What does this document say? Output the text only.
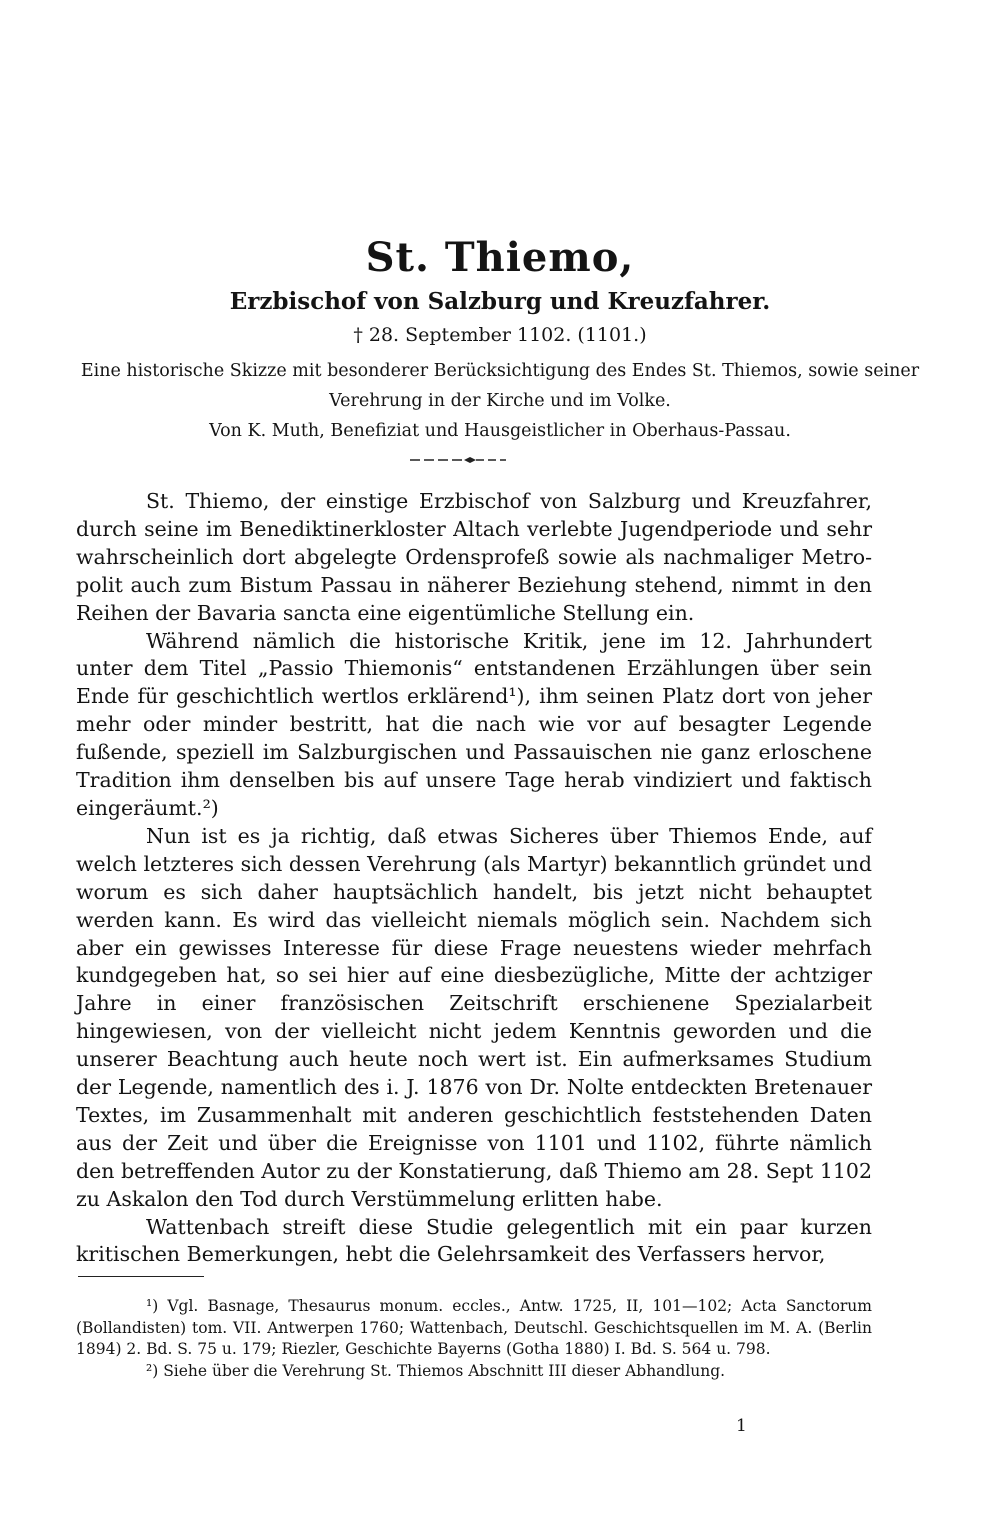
St. Thiemo,
Erzbischof von Salzburg und Kreuzfahrer.
† 28. September 1102. (1101.)
Eine historische Skizze mit besonderer Berücksichtigung des Endes St. Thiemos, sowie seiner Verehrung in der Kirche und im Volke.
Von K. Muth, Benefiziat und Hausgeistlicher in Oberhaus-Passau.

St. Thiemo, der einstige Erzbischof von Salzburg und Kreuzfahrer, durch seine im Benediktinerkloster Altach verlebte Jugendperiode und sehr wahrscheinlich dort abgelegte Ordensprofeß sowie als nachmaliger Metropolit auch zum Bistum Passau in näherer Beziehung stehend, nimmt in den Reihen der Bavaria sancta eine eigentümliche Stellung ein.

Während nämlich die historische Kritik, jene im 12. Jahrhundert unter dem Titel „Passio Thiemonis“ entstandenen Erzählungen über sein Ende für geschichtlich wertlos erklärend¹), ihm seinen Platz dort von jeher mehr oder minder bestritt, hat die nach wie vor auf besagter Legende fußende, speziell im Salzburgischen und Passauischen nie ganz erloschene Tradition ihm denselben bis auf unsere Tage herab vindiziert und faktisch eingeräumt.²)

Nun ist es ja richtig, daß etwas Sicheres über Thiemos Ende, auf welch letzteres sich dessen Verehrung (als Martyr) bekanntlich gründet und worum es sich daher hauptsächlich handelt, bis jetzt nicht behauptet werden kann. Es wird das vielleicht niemals möglich sein. Nachdem sich aber ein gewisses Interesse für diese Frage neuestens wieder mehrfach kundgegeben hat, so sei hier auf eine diesbezügliche, Mitte der achtziger Jahre in einer französischen Zeitschrift erschienene Spezialarbeit hingewiesen, von der vielleicht nicht jedem Kenntnis geworden und die unserer Beachtung auch heute noch wert ist. Ein aufmerksames Studium der Legende, namentlich des i. J. 1876 von Dr. Nolte entdeckten Bretenauer Textes, im Zusammenhalt mit anderen geschichtlich feststehenden Daten aus der Zeit und über die Ereignisse von 1101 und 1102, führte nämlich den betreffenden Autor zu der Konstatierung, daß Thiemo am 28. Sept 1102 zu Askalon den Tod durch Verstümmelung erlitten habe.

Wattenbach streift diese Studie gelegentlich mit ein paar kurzen kritischen Bemerkungen, hebt die Gelehrsamkeit des Verfassers hervor,

¹) Vgl. Basnage, Thesaurus monum. eccles., Antw. 1725, II, 101—102; Acta Sanctorum (Bollandisten) tom. VII. Antwerpen 1760; Wattenbach, Deutschl. Geschichtsquellen im M. A. (Berlin 1894) 2. Bd. S. 75 u. 179; Riezler, Geschichte Bayerns (Gotha 1880) I. Bd. S. 564 u. 798.

²) Siehe über die Verehrung St. Thiemos Abschnitt III dieser Abhandlung.

1
